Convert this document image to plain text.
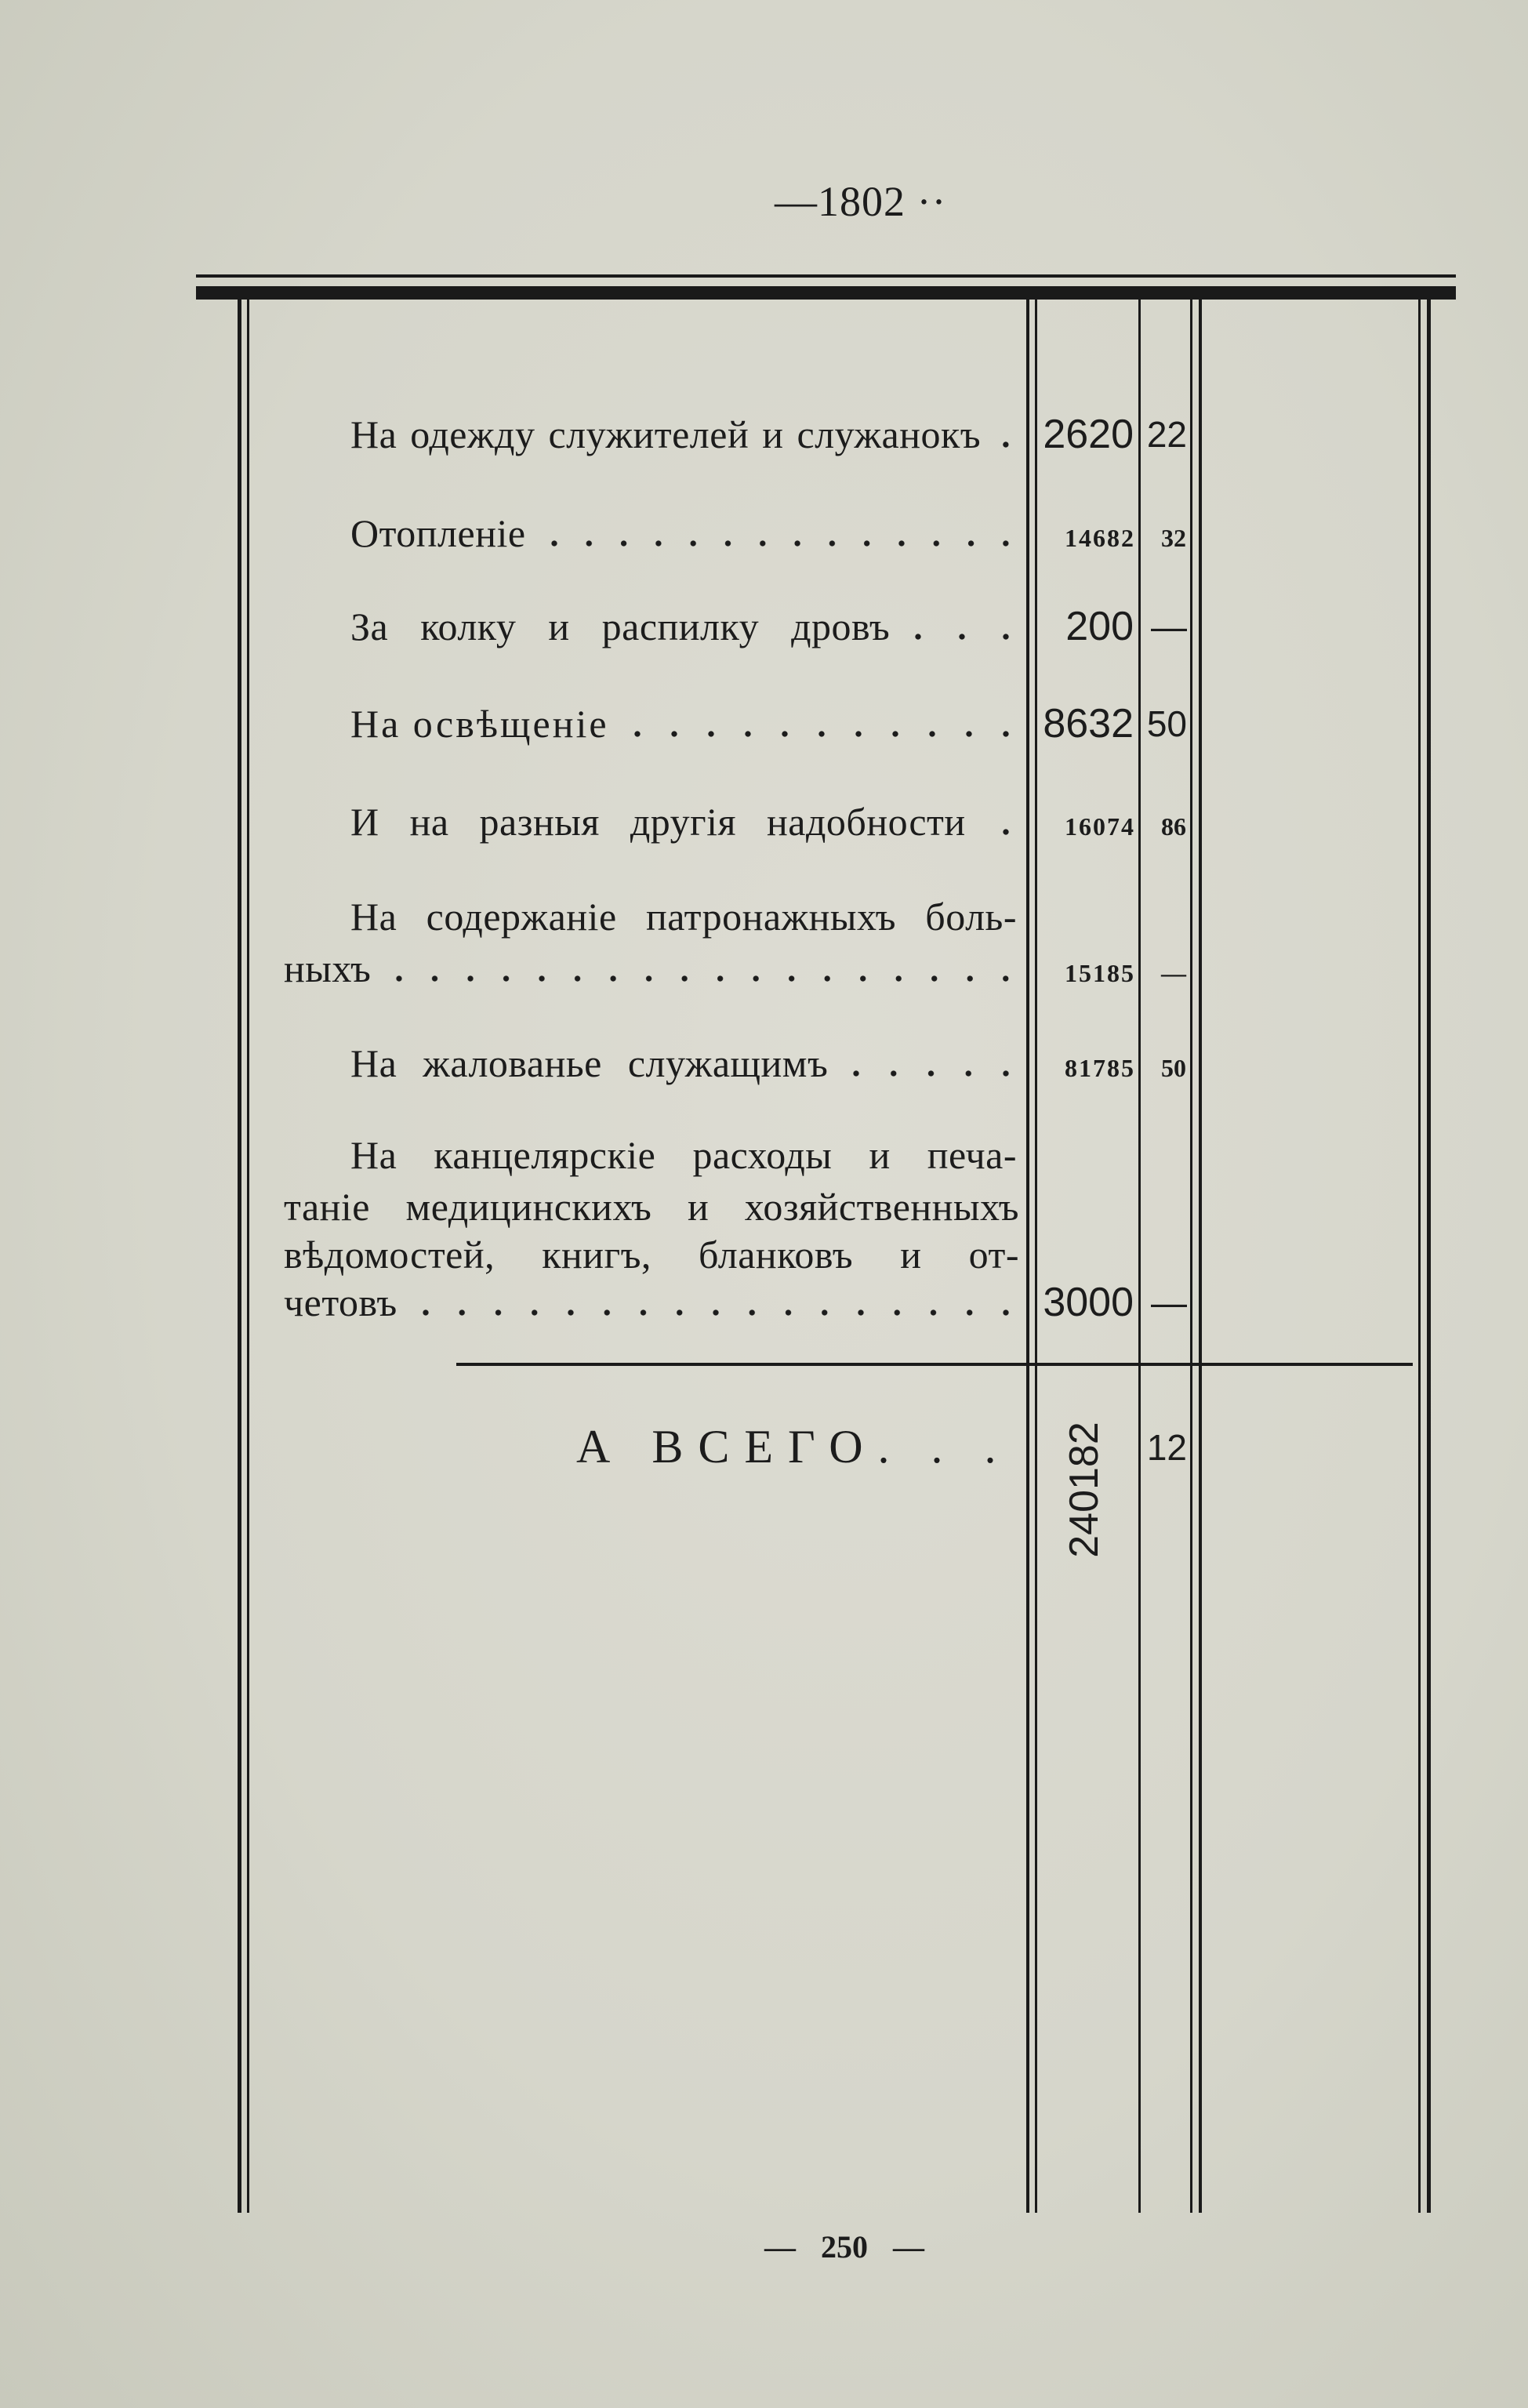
—1802 ··
На одежду служителей и служанокъ 2620 22
Отопленіе	14682	32
За колку и распилку дровъ	200 —
На освѣщеніе	8632 50
И на разныя другія надобности	16074	86
На содержаніе патронажныхъ боль-
ныхъ	15185	—
На жалованье служащимъ	81785	50
На канцелярскіе расходы и печа-
таніе медицинскихъ и хозяйственныхъ
вѣдомостей, книгъ, бланковъ и от-
четовъ	3000 —
А ВСЕГО. . . 240182 12
— 250 —
